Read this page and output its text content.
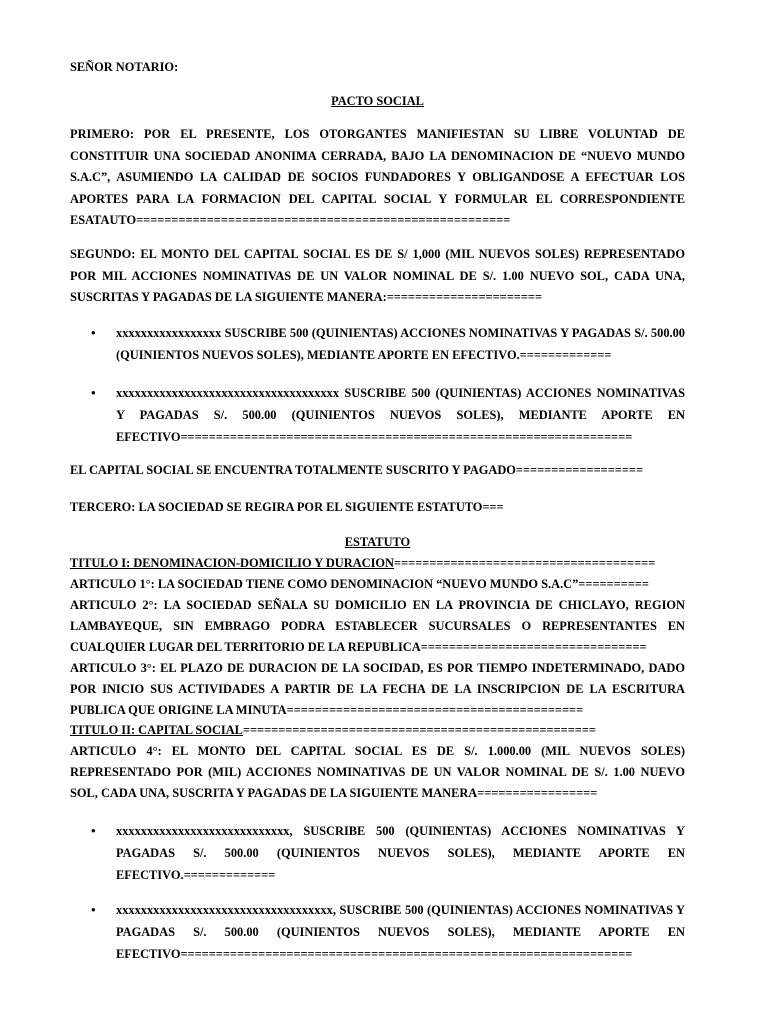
SEÑOR NOTARIO:

PACTO SOCIAL

PRIMERO: POR EL PRESENTE, LOS OTORGANTES MANIFIESTAN SU LIBRE VOLUNTAD DE CONSTITUIR UNA SOCIEDAD ANONIMA CERRADA, BAJO LA DENOMINACION DE “NUEVO MUNDO S.A.C”, ASUMIENDO LA CALIDAD DE SOCIOS FUNDADORES Y OBLIGANDOSE A EFECTUAR LOS APORTES PARA LA FORMACION DEL CAPITAL SOCIAL Y FORMULAR EL CORRESPONDIENTE ESATAUTO=====================================================

SEGUNDO: EL MONTO DEL CAPITAL SOCIAL ES DE S/ 1,000 (MIL NUEVOS SOLES) REPRESENTADO POR MIL ACCIONES NOMINATIVAS DE UN VALOR NOMINAL DE S/. 1.00 NUEVO SOL, CADA UNA, SUSCRITAS Y PAGADAS DE LA SIGUIENTE MANERA:======================

• xxxxxxxxxxxxxxxxx SUSCRIBE 500 (QUINIENTAS) ACCIONES NOMINATIVAS Y PAGADAS S/. 500.00 (QUINIENTOS NUEVOS SOLES), MEDIANTE APORTE EN EFECTIVO.=============

• xxxxxxxxxxxxxxxxxxxxxxxxxxxxxxxxxxxx SUSCRIBE 500 (QUINIENTAS) ACCIONES NOMINATIVAS Y PAGADAS S/. 500.00 (QUINIENTOS NUEVOS SOLES), MEDIANTE APORTE EN EFECTIVO================================================================

EL CAPITAL SOCIAL SE ENCUENTRA TOTALMENTE SUSCRITO Y PAGADO==================

TERCERO: LA SOCIEDAD SE REGIRA POR EL SIGUIENTE ESTATUTO===

ESTATUTO

TITULO I: DENOMINACION-DOMICILIO Y DURACION=====================================

ARTICULO 1°: LA SOCIEDAD TIENE COMO DENOMINACION “NUEVO MUNDO S.A.C”==========

ARTICULO 2°: LA SOCIEDAD SEÑALA SU DOMICILIO EN LA PROVINCIA DE CHICLAYO, REGION LAMBAYEQUE, SIN EMBRAGO PODRA ESTABLECER SUCURSALES O REPRESENTANTES EN CUALQUIER LUGAR DEL TERRITORIO DE LA REPUBLICA================================

ARTICULO 3°: EL PLAZO DE DURACION DE LA SOCIDAD, ES POR TIEMPO INDETERMINADO, DADO POR INICIO SUS ACTIVIDADES A PARTIR DE LA FECHA DE LA INSCRIPCION DE LA ESCRITURA PUBLICA QUE ORIGINE LA MINUTA==========================================

TITULO II: CAPITAL SOCIAL==================================================

ARTICULO 4°: EL MONTO DEL CAPITAL SOCIAL ES DE S/. 1.000.00 (MIL NUEVOS SOLES) REPRESENTADO POR (MIL) ACCIONES NOMINATIVAS DE UN VALOR NOMINAL DE S/. 1.00 NUEVO SOL, CADA UNA, SUSCRITA Y PAGADAS DE LA SIGUIENTE MANERA=================

• xxxxxxxxxxxxxxxxxxxxxxxxxxxx, SUSCRIBE 500 (QUINIENTAS) ACCIONES NOMINATIVAS Y PAGADAS S/. 500.00 (QUINIENTOS NUEVOS SOLES), MEDIANTE APORTE EN EFECTIVO.=============

• xxxxxxxxxxxxxxxxxxxxxxxxxxxxxxxxxxx, SUSCRIBE 500 (QUINIENTAS) ACCIONES NOMINATIVAS Y PAGADAS S/. 500.00 (QUINIENTOS NUEVOS SOLES), MEDIANTE APORTE EN EFECTIVO================================================================
